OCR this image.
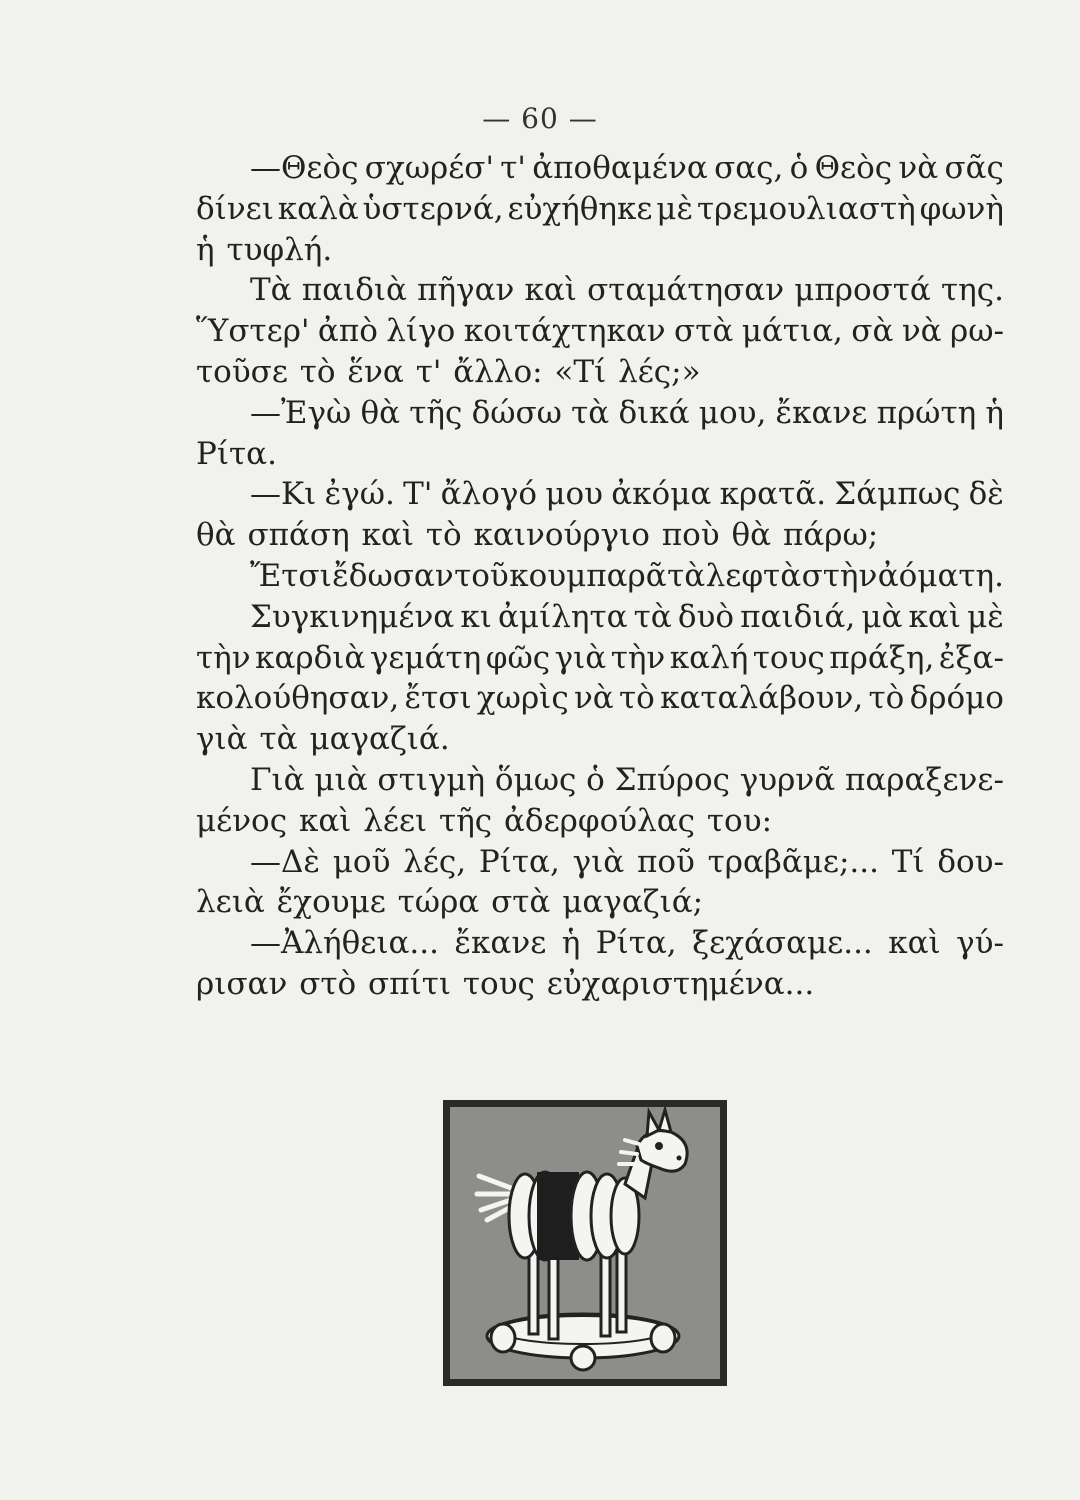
— 60 —
—Θεὸς σχωρέσ' τ' ἀποθαμένα σας, ὁ Θεὸς νὰ σᾶς
δίνει καλὰ ὑστερνά, εὐχήθηκε μὲ τρεμουλιαστὴ φωνὴ
ἡ τυφλή.
Τὰ παιδιὰ πῆγαν καὶ σταμάτησαν μπροστά της.
Ὕστερ' ἀπὸ λίγο κοιτάχτηκαν στὰ μάτια, σὰ νὰ ρω-
τοῦσε τὸ ἕνα τ' ἄλλο: «Τί λές;»
—Ἐγὼ θὰ τῆς δώσω τὰ δικά μου, ἔκανε πρώτη ἡ
Ρίτα.
—Κι ἐγώ. Τ' ἄλογό μου ἀκόμα κρατᾶ. Σάμπως δὲ
θὰ σπάση καὶ τὸ καινούργιο ποὺ θὰ πάρω;
Ἔτσι ἔδωσαν τοῦ κουμπαρᾶ τὰ λεφτὰ στὴν ἀόματη.
Συγκινημένα κι ἀμίλητα τὰ δυὸ παιδιά, μὰ καὶ μὲ
τὴν καρδιὰ γεμάτη φῶς γιὰ τὴν καλή τους πράξη, ἐξα-
κολούθησαν, ἔτσι χωρὶς νὰ τὸ καταλάβουν, τὸ δρόμο
γιὰ τὰ μαγαζιά.
Γιὰ μιὰ στιγμὴ ὅμως ὁ Σπύρος γυρνᾶ παραξενε-
μένος καὶ λέει τῆς ἀδερφούλας του:
—Δὲ μοῦ λές, Ρίτα, γιὰ ποῦ τραβᾶμε;... Τί δου-
λειὰ ἔχουμε τώρα στὰ μαγαζιά;
—Ἀλήθεια... ἔκανε ἡ Ρίτα, ξεχάσαμε... καὶ γύ-
ρισαν στὸ σπίτι τους εὐχαριστημένα...
